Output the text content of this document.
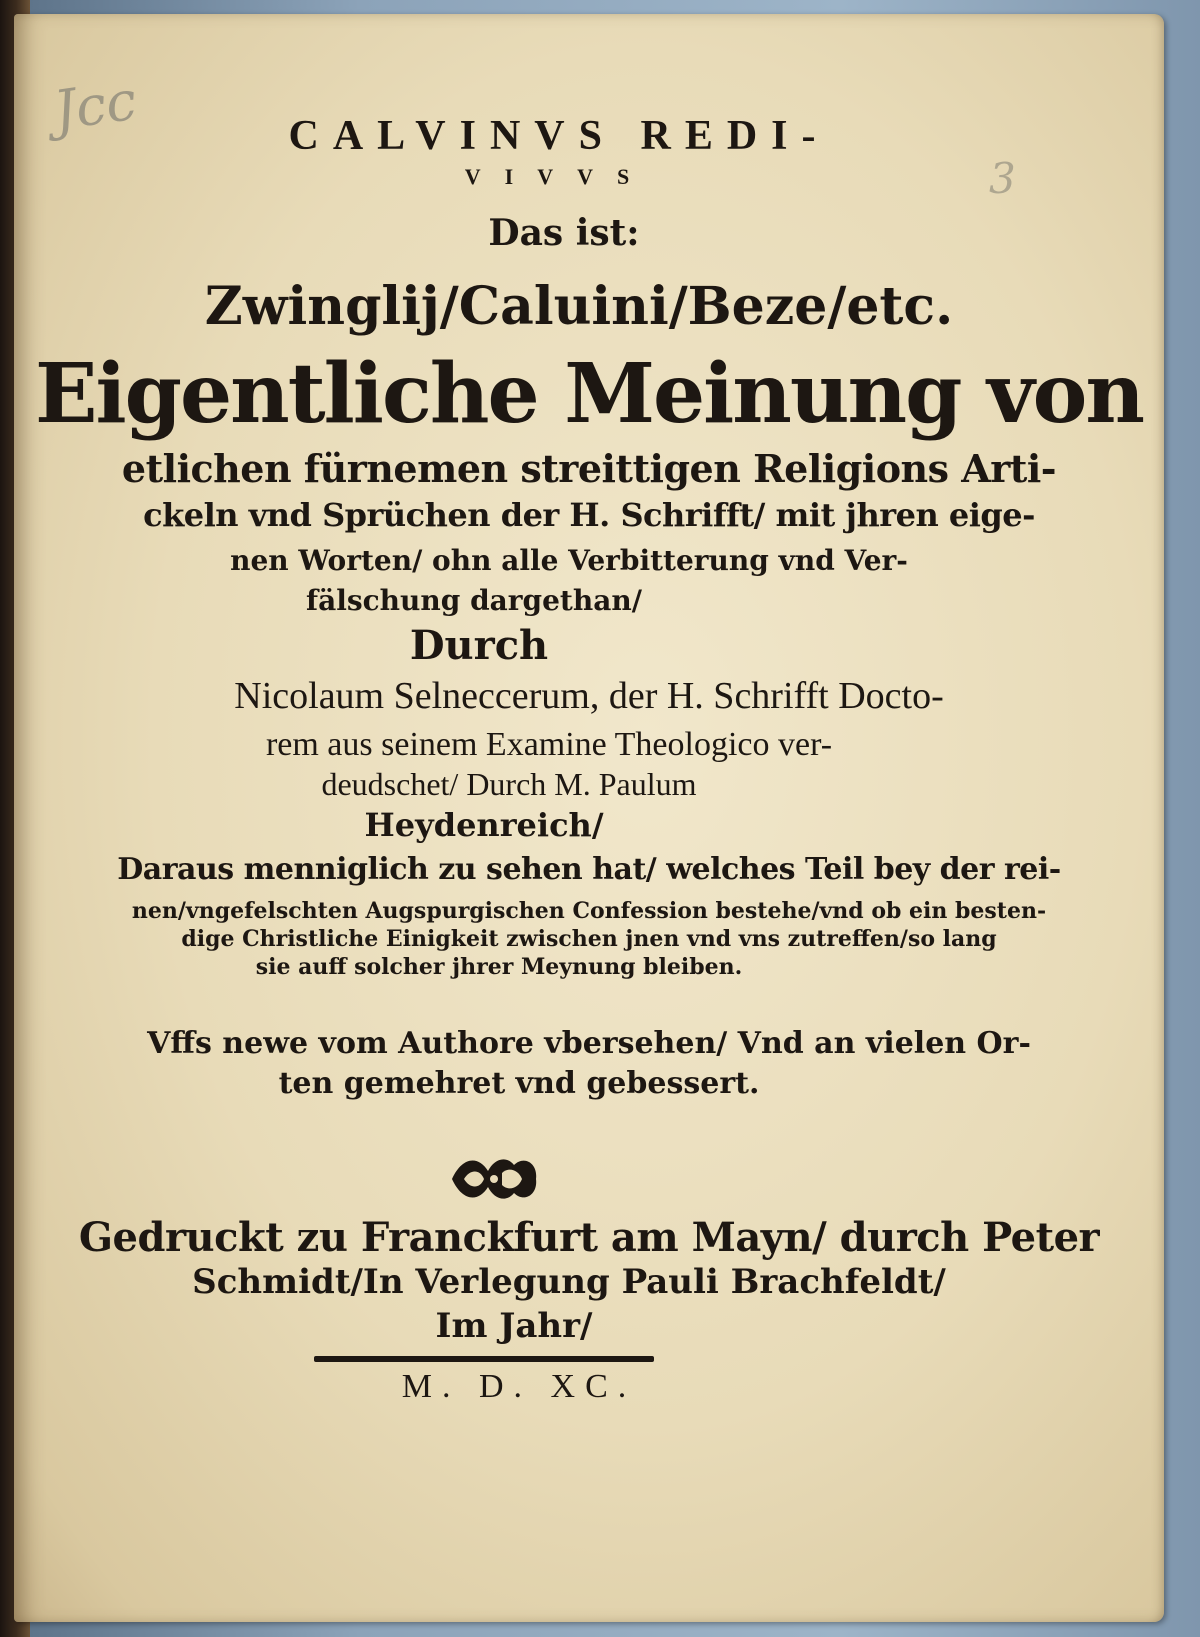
Jcc
3
CALVINVS REDI-
VIVVS
Das ist:
Zwinglij/Caluini/Beze/etc.
Eigentliche Meinung von
etlichen fürnemen streittigen Religions Arti-
ckeln vnd Sprüchen der H. Schrifft/ mit jhren eige-
nen Worten/ ohn alle Verbitterung vnd Ver-
fälschung dargethan/
Durch
Nicolaum Selneccerum, der H. Schrifft Docto-
rem aus seinem Examine Theologico ver-
deudschet/ Durch M. Paulum
Heydenreich/
Daraus menniglich zu sehen hat/ welches Teil bey der rei-
nen/vngefelschten Augspurgischen Confession bestehe/vnd ob ein besten-
dige Christliche Einigkeit zwischen jnen vnd vns zutreffen/so lang
sie auff solcher jhrer Meynung bleiben.
Vffs newe vom Authore vbersehen/ Vnd an vielen Or-
ten gemehret vnd gebessert.
Gedruckt zu Franckfurt am Mayn/ durch Peter
Schmidt/In Verlegung Pauli Brachfeldt/
Im Jahr/
M. D. XC.
